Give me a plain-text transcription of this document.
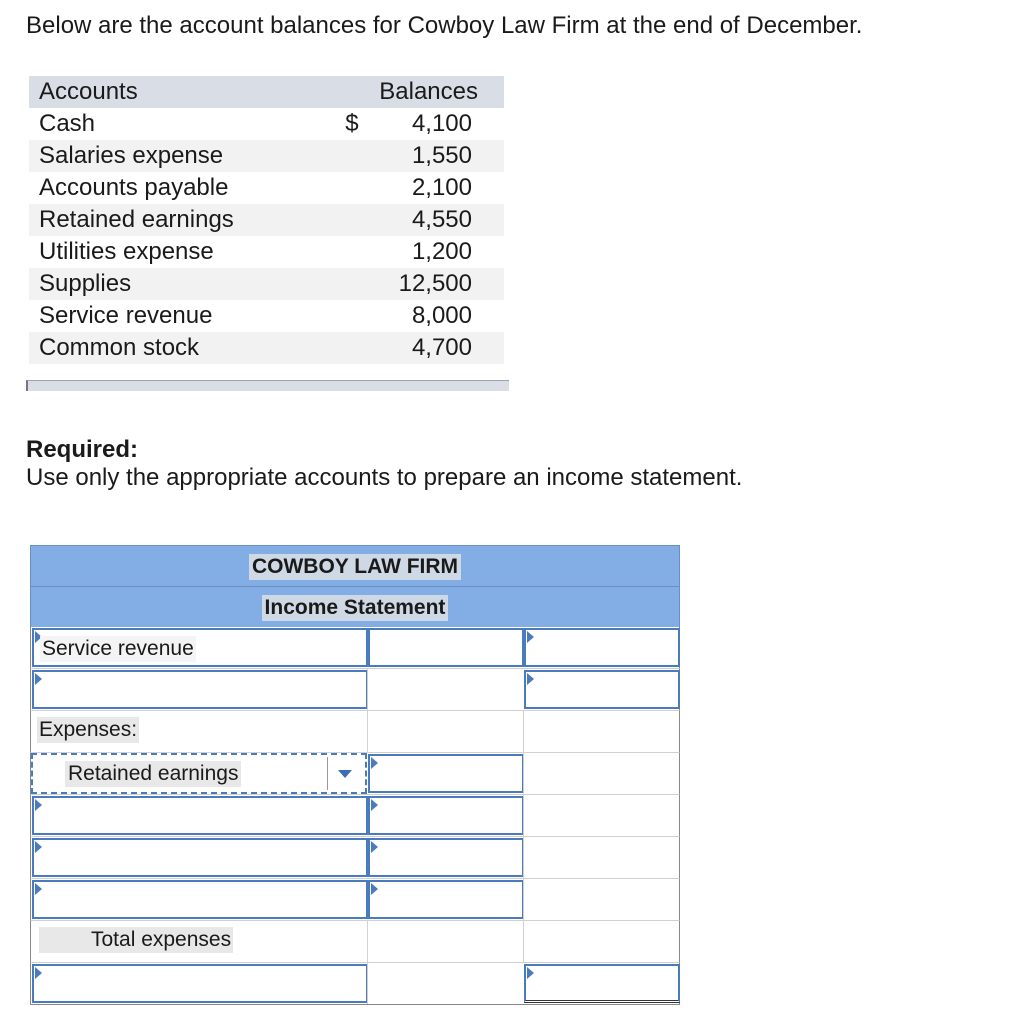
Below are the account balances for Cowboy Law Firm at the end of December.
Accounts	Balances
Cash	$ 4,100
Salaries expense	1,550
Accounts payable	2,100
Retained earnings	4,550
Utilities expense	1,200
Supplies	12,500
Service revenue	8,000
Common stock	4,700
Required:
Use only the appropriate accounts to prepare an income statement.
COWBOY LAW FIRM
Income Statement
Service revenue
Expenses:
Retained earnings
Total expenses
